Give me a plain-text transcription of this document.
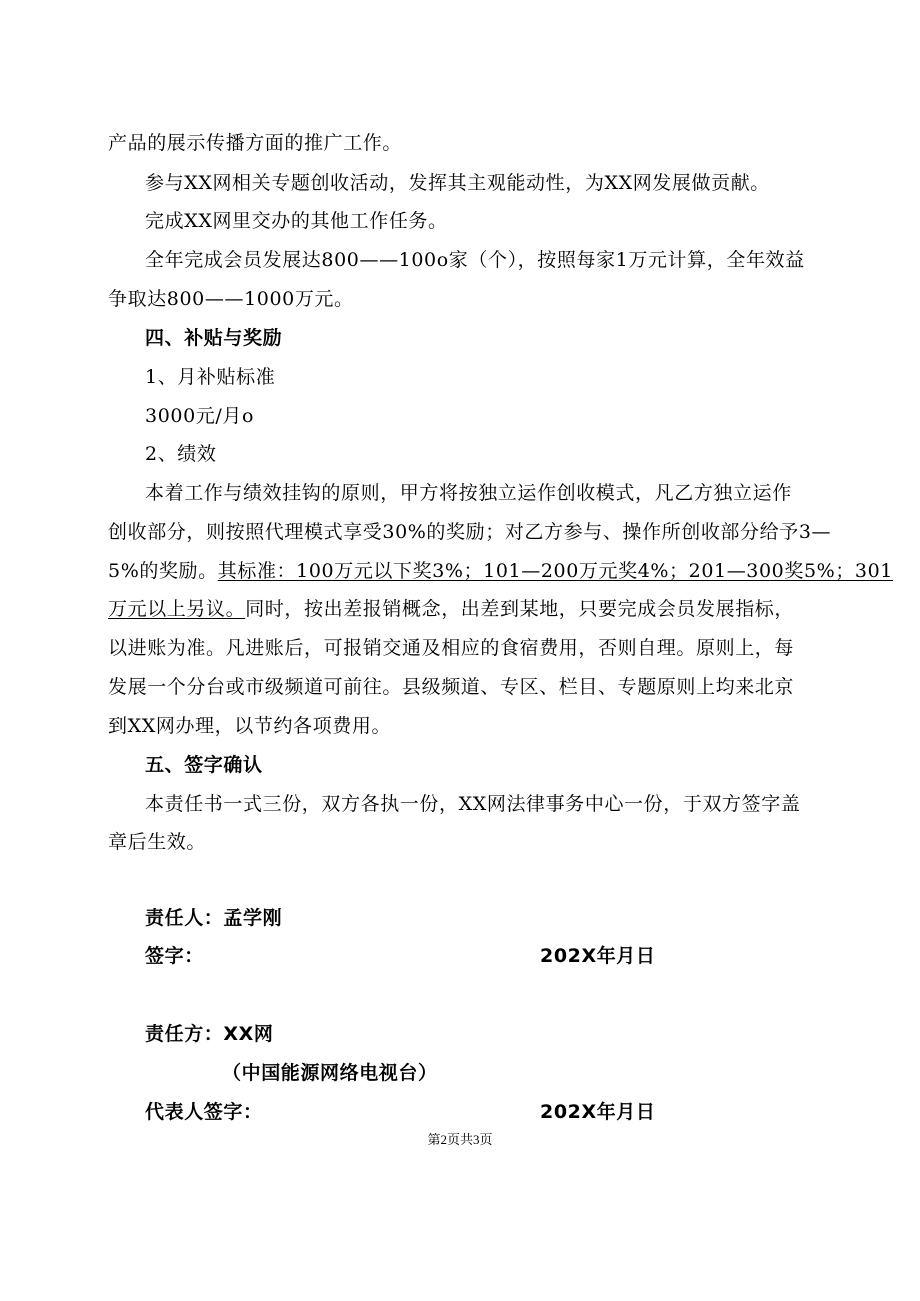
产品的展示传播方面的推广工作。
参与XX网相关专题创收活动，发挥其主观能动性，为XX网发展做贡献。
完成XX网里交办的其他工作任务。
全年完成会员发展达800——100o家（个），按照每家1万元计算，全年效益
争取达800——1000万元。
四、补贴与奖励
1、月补贴标准
3000元/月o
2、绩效
本着工作与绩效挂钩的原则，甲方将按独立运作创收模式，凡乙方独立运作
创收部分，则按照代理模式享受30%的奖励；对乙方参与、操作所创收部分给予3—
5%的奖励。其标准：100万元以下奖3%；101—200万元奖4%；201—300奖5%；301
万元以上另议。同时，按出差报销概念，出差到某地，只要完成会员发展指标，
以进账为准。凡进账后，可报销交通及相应的食宿费用，否则自理。原则上，每
发展一个分台或市级频道可前往。县级频道、专区、栏目、专题原则上均来北京
到XX网办理，以节约各项费用。
五、签字确认
本责任书一式三份，双方各执一份，XX网法律事务中心一份，于双方签字盖
章后生效。
责任人：孟学刚
签字：	202X年月日
责任方：XX网
（中国能源网络电视台）
代表人签字：	202X年月日
第2页共3页
